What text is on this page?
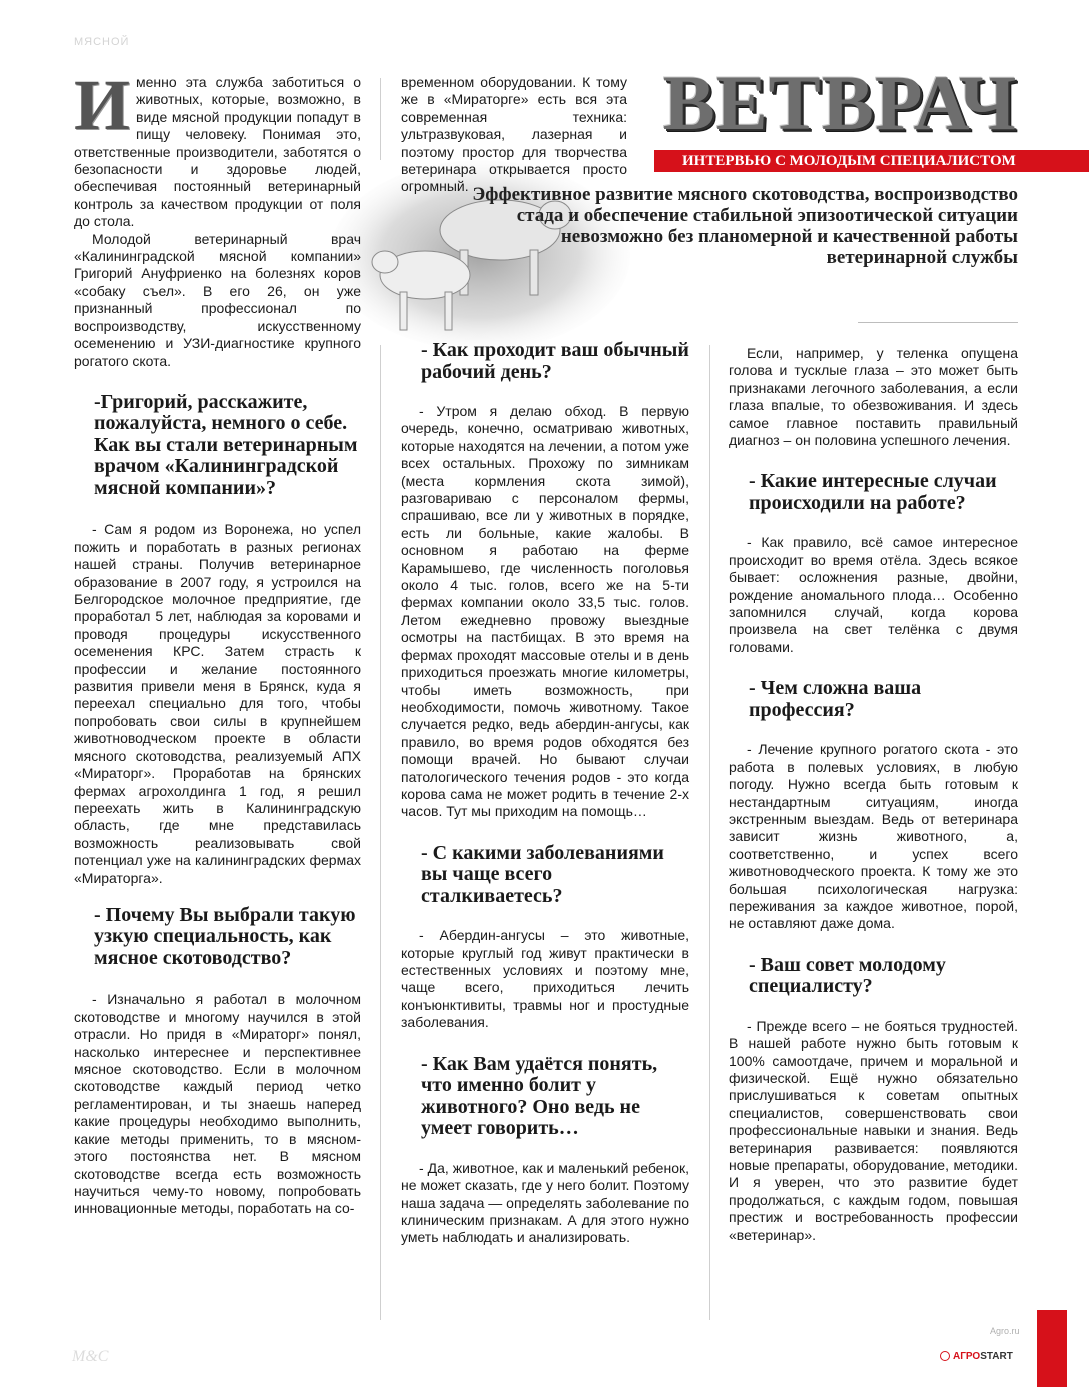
МЯСНОЙ
ВЕТВРАЧ
ИНТЕРВЬЮ С МОЛОДЫМ СПЕЦИАЛИСТОМ
Эффективное развитие мясного скотоводства, воспроизводство стада и обеспечение стабильной эпизоотической ситуации невозможно без планомерной и качественной работы ветеринарной службы
И менно эта служба заботиться о животных, которые, возможно, в виде мясной продукции попадут в пищу человеку. Понимая это, ответственные производители, заботятся о безопасности и здоровье людей, обеспечивая постоянный ветеринарный контроль за качеством продукции от поля до стола.

Молодой ветеринарный врач «Калининградской мясной компании» Григорий Ануфриенко на болезнях коров «собаку съел». В его 26, он уже признанный профессионал по воспроизводству, искусственному осеменению и УЗИ-диагностике крупного рогатого скота.

-Григорий, расскажите, пожалуйста, немного о себе. Как вы стали ветеринарным врачом «Калининградской мясной компании»?

- Сам я родом из Воронежа, но успел пожить и поработать в разных регионах нашей страны. Получив ветеринарное образование в 2007 году, я устроился на Белгородское молочное предприятие, где проработал 5 лет, наблюдая за коровами и проводя процедуры искусственного осеменения КРС. Затем страсть к профессии и желание постоянного развития привели меня в Брянск, куда я переехал специально для того, чтобы попробовать свои силы в крупнейшем животноводческом проекте в области мясного скотоводства, реализуемый АПХ «Мираторг». Проработав на брянских фермах агрохолдинга 1 год, я решил переехать жить в Калининградскую область, где мне представилась возможность реализовывать свой потенциал уже на калининградских фермах «Мираторга».

- Почему Вы выбрали такую узкую специальность, как мясное скотоводство?

- Изначально я работал в молочном скотоводстве и многому научился в этой отрасли. Но придя в «Мираторг» понял, насколько интереснее и перспективнее мясное скотоводство. Если в молочном скотоводстве каждый период четко регламентирован, и ты знаешь наперед какие процедуры необходимо выполнить, какие методы применить, то в мясном- этого постоянства нет. В мясном скотоводстве всегда есть возможность научиться чему-то новому, попробовать инновационные методы, поработать на со-

временном оборудовании. К тому же в «Мираторге» есть вся эта современная техника: ультразвуковая, лазерная и поэтому простор для творчества ветеринара открывается просто огромный.

- Как проходит ваш обычный рабочий день?

- Утром я делаю обход. В первую очередь, конечно, осматриваю животных, которые находятся на лечении, а потом уже всех остальных. Прохожу по зимникам (места кормления скота зимой), разговариваю с персоналом фермы, спрашиваю, все ли у животных в порядке, есть ли больные, какие жалобы. В основном я работаю на ферме Карамышево, где численность поголовья около 4 тыс. голов, всего же на 5-ти фермах компании около 33,5 тыс. голов. Летом ежедневно провожу выездные осмотры на пастбищах. В это время на фермах проходят массовые отелы и в день приходиться проезжать многие километры, чтобы иметь возможность, при необходимости, помочь животному. Такое случается редко, ведь абердин-ангусы, как правило, во время родов обходятся без помощи врачей. Но бывают случаи патологического течения родов - это когда корова сама не может родить в течение 2-х часов. Тут мы приходим на помощь…

- С какими заболеваниями вы чаще всего сталкиваетесь?

- Абердин-ангусы – это животные, которые круглый год живут практически в естественных условиях и поэтому мне, чаще всего, приходиться лечить конъюнктивиты, травмы ног и простудные заболевания.

- Как Вам удаётся понять, что именно болит у животного? Оно ведь не умеет говорить…

- Да, животное, как и маленький ребенок, не может сказать, где у него болит. Поэтому наша задача — определять заболевание по клиническим признакам. А для этого нужно уметь наблюдать и анализировать.

Если, например, у теленка опущена голова и тусклые глаза – это может быть признаками легочного заболевания, а если глаза впалые, то обезвоживания. И здесь самое главное поставить правильный диагноз – он половина успешного лечения.

- Какие интересные случаи происходили на работе?

- Как правило, всё самое интересное происходит во время отёла. Здесь всякое бывает: осложнения разные, двойни, рождение аномального плода… Особенно запомнился случай, когда корова произвела на свет телёнка с двумя головами.

- Чем сложна ваша профессия?

- Лечение крупного рогатого скота - это работа в полевых условиях, в любую погоду. Нужно всегда быть готовым к нестандартным ситуациям, иногда экстренным выездам. Ведь от ветеринара зависит жизнь животного, а, соответственно, и успех всего животноводческого проекта. К тому же это большая психологическая нагрузка: переживания за каждое животное, порой, не оставляют даже дома.

- Ваш совет молодому специалисту?

- Прежде всего – не бояться трудностей. В нашей работе нужно быть готовым к 100% самоотдаче, причем и моральной и физической. Ещё нужно обязательно прислушиваться к советам опытных специалистов, совершенствовать свои профессиональные навыки и знания. Ведь ветеринария развивается: появляются новые препараты, оборудование, методики. И я уверен, что это развитие будет продолжаться, с каждым годом, повышая престиж и востребованность профессии «ветеринар».

М&С
Agro.ru
АГРОSTART
